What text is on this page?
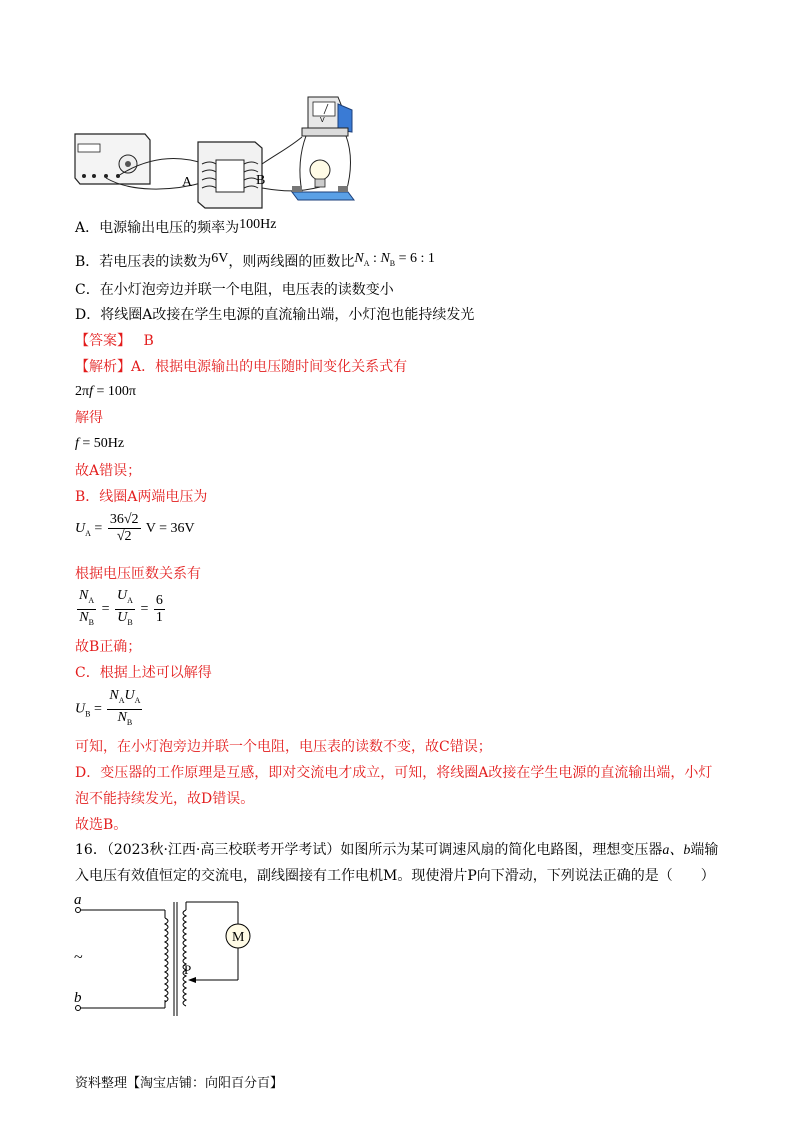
A	B
V
A．电源输出电压的频率为100Hz
B．若电压表的读数为6V，则两线圈的匝数比$N_A$ : $N_B = 6$ : 1
C．在小灯泡旁边并联一个电阻，电压表的读数变小
D．将线圈A改接在学生电源的直流输出端，小灯泡也能持续发光
【答案】 B
【解析】A．根据电源输出的电压随时间变化关系式有
2πf = 100π
解得
f = 50Hz
故A错误；
B．线圈A两端电压为
$U_A = \frac{36√2}{√2}$ V = 36V
根据电压匝数关系有
$\frac{N_A}{N_B} = \frac{U_A}{U_B} = \frac{6}{1}$
故B正确；
C．根据上述可以解得
$U_B = \frac{N_AU_A}{N_B}$
可知，在小灯泡旁边并联一个电阻，电压表的读数不变，故C错误；
D．变压器的工作原理是互感，即对交流电才成立，可知，将线圈A改接在学生电源的直流输出端，小灯
泡不能持续发光，故D错误。
故选B。
16．（2023秋·江西·高三校联考开学考试）如图所示为某可调速风扇的简化电路图，理想变压器a、b端输
入电压有效值恒定的交流电，副线圈接有工作电机M。现使滑片P向下滑动，下列说法正确的是（　　）
M
P
a
~
b
资料整理【淘宝店铺：向阳百分百】
